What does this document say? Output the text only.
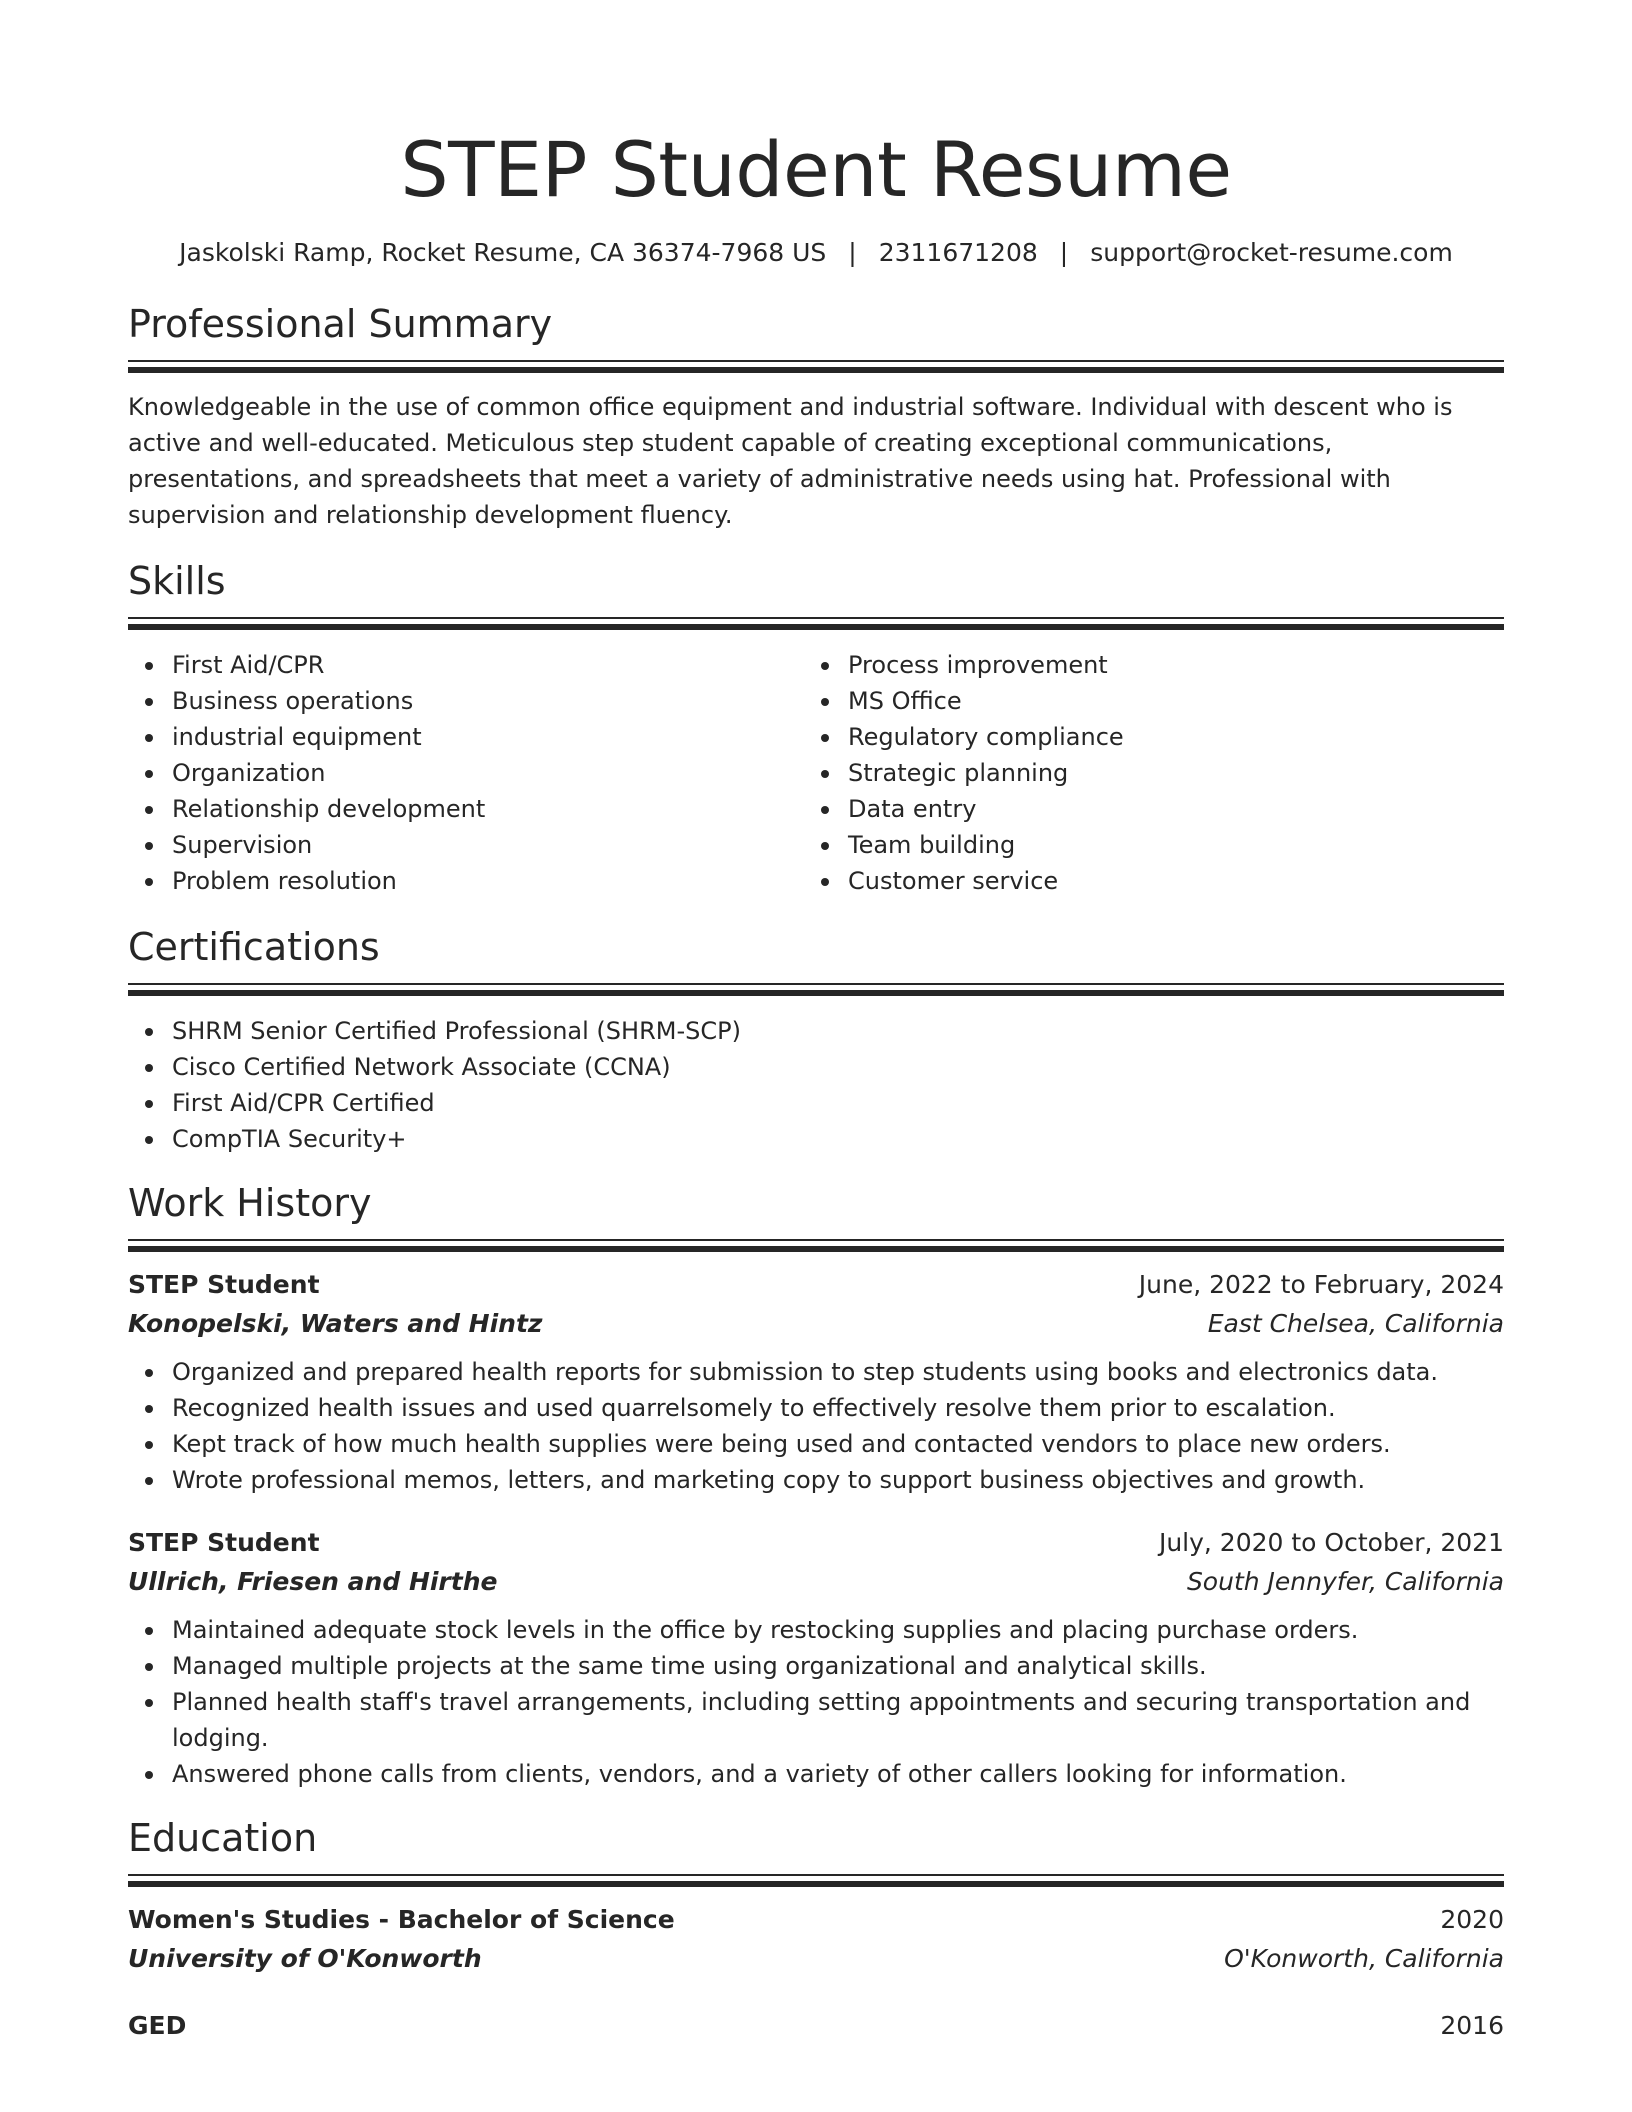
STEP Student Resume
Jaskolski Ramp, Rocket Resume, CA 36374-7968 US | 2311671208 | support@rocket-resume.com
Professional Summary
Knowledgeable in the use of common office equipment and industrial software. Individual with descent who is active and well-educated. Meticulous step student capable of creating exceptional communications, presentations, and spreadsheets that meet a variety of administrative needs using hat. Professional with supervision and relationship development fluency.
Skills
First Aid/CPR
Business operations
industrial equipment
Organization
Relationship development
Supervision
Problem resolution
Process improvement
MS Office
Regulatory compliance
Strategic planning
Data entry
Team building
Customer service
Certifications
SHRM Senior Certified Professional (SHRM-SCP)
Cisco Certified Network Associate (CCNA)
First Aid/CPR Certified
CompTIA Security+
Work History
STEP Student	June, 2022 to February, 2024
Konopelski, Waters and Hintz	East Chelsea, California
Organized and prepared health reports for submission to step students using books and electronics data.
Recognized health issues and used quarrelsomely to effectively resolve them prior to escalation.
Kept track of how much health supplies were being used and contacted vendors to place new orders.
Wrote professional memos, letters, and marketing copy to support business objectives and growth.
STEP Student	July, 2020 to October, 2021
Ullrich, Friesen and Hirthe	South Jennyfer, California
Maintained adequate stock levels in the office by restocking supplies and placing purchase orders.
Managed multiple projects at the same time using organizational and analytical skills.
Planned health staff's travel arrangements, including setting appointments and securing transportation and lodging.
Answered phone calls from clients, vendors, and a variety of other callers looking for information.
Education
Women's Studies - Bachelor of Science	2020
University of O'Konworth	O'Konworth, California
GED	2016
